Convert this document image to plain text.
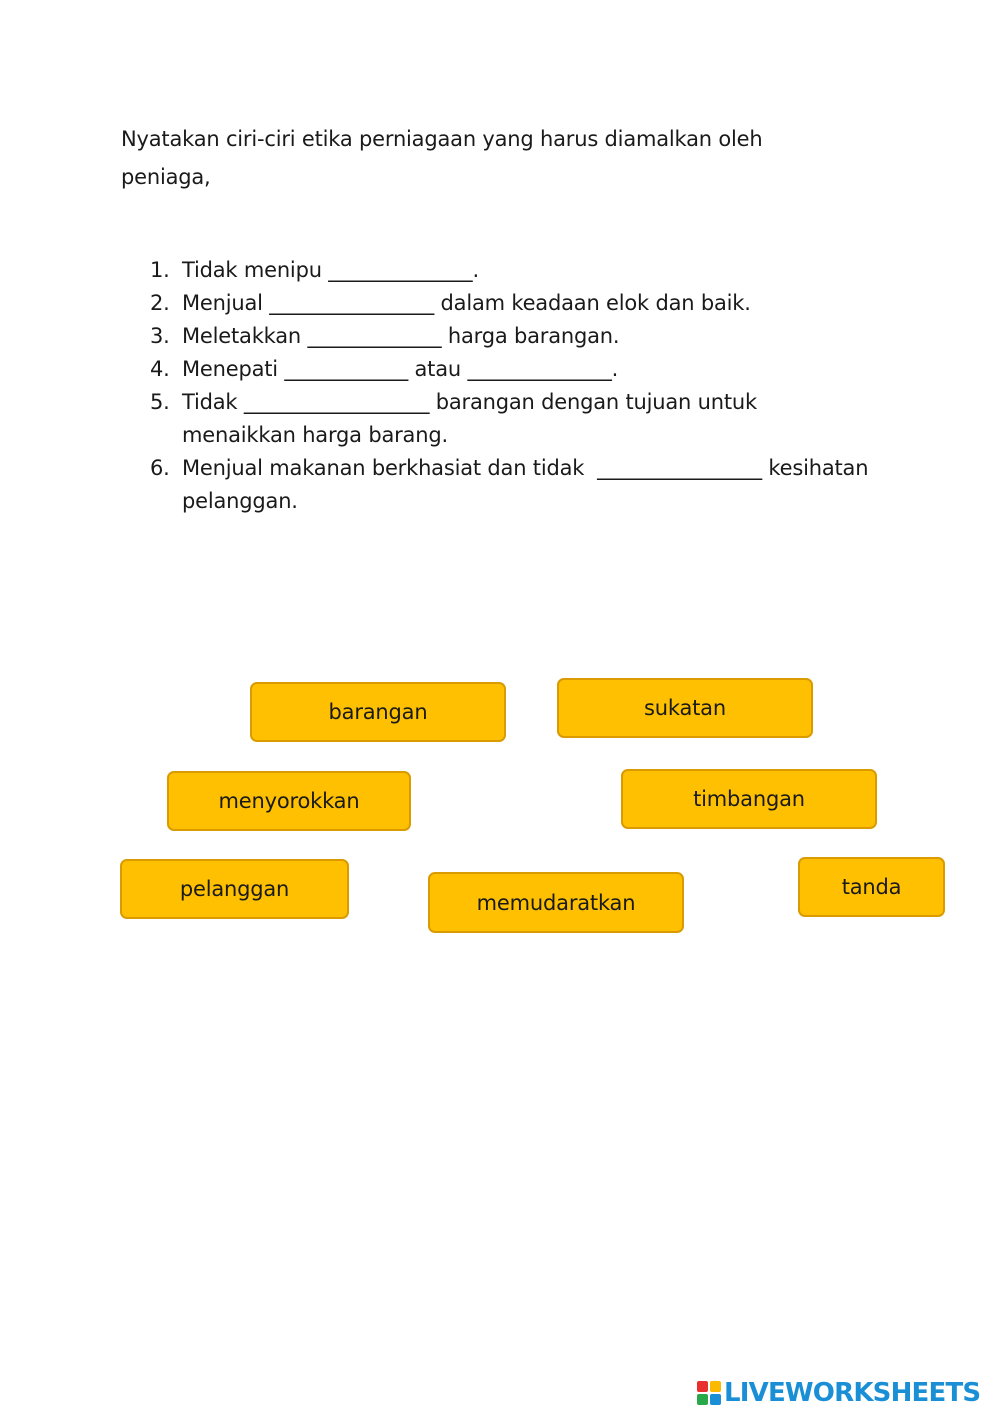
Nyatakan ciri-ciri etika perniagaan yang harus diamalkan oleh peniaga,

1. Tidak menipu ______________.
2. Menjual ________________ dalam keadaan elok dan baik.
3. Meletakkan _____________ harga barangan.
4. Menepati ____________ atau ______________.
5. Tidak __________________ barangan dengan tujuan untuk menaikkan harga barang.
6. Menjual makanan berkhasiat dan tidak  ________________ kesihatan pelanggan.
barangan	sukatan
menyorokkan	timbangan
pelanggan
memudaratkan
tanda
LIVEWORKSHEETS
